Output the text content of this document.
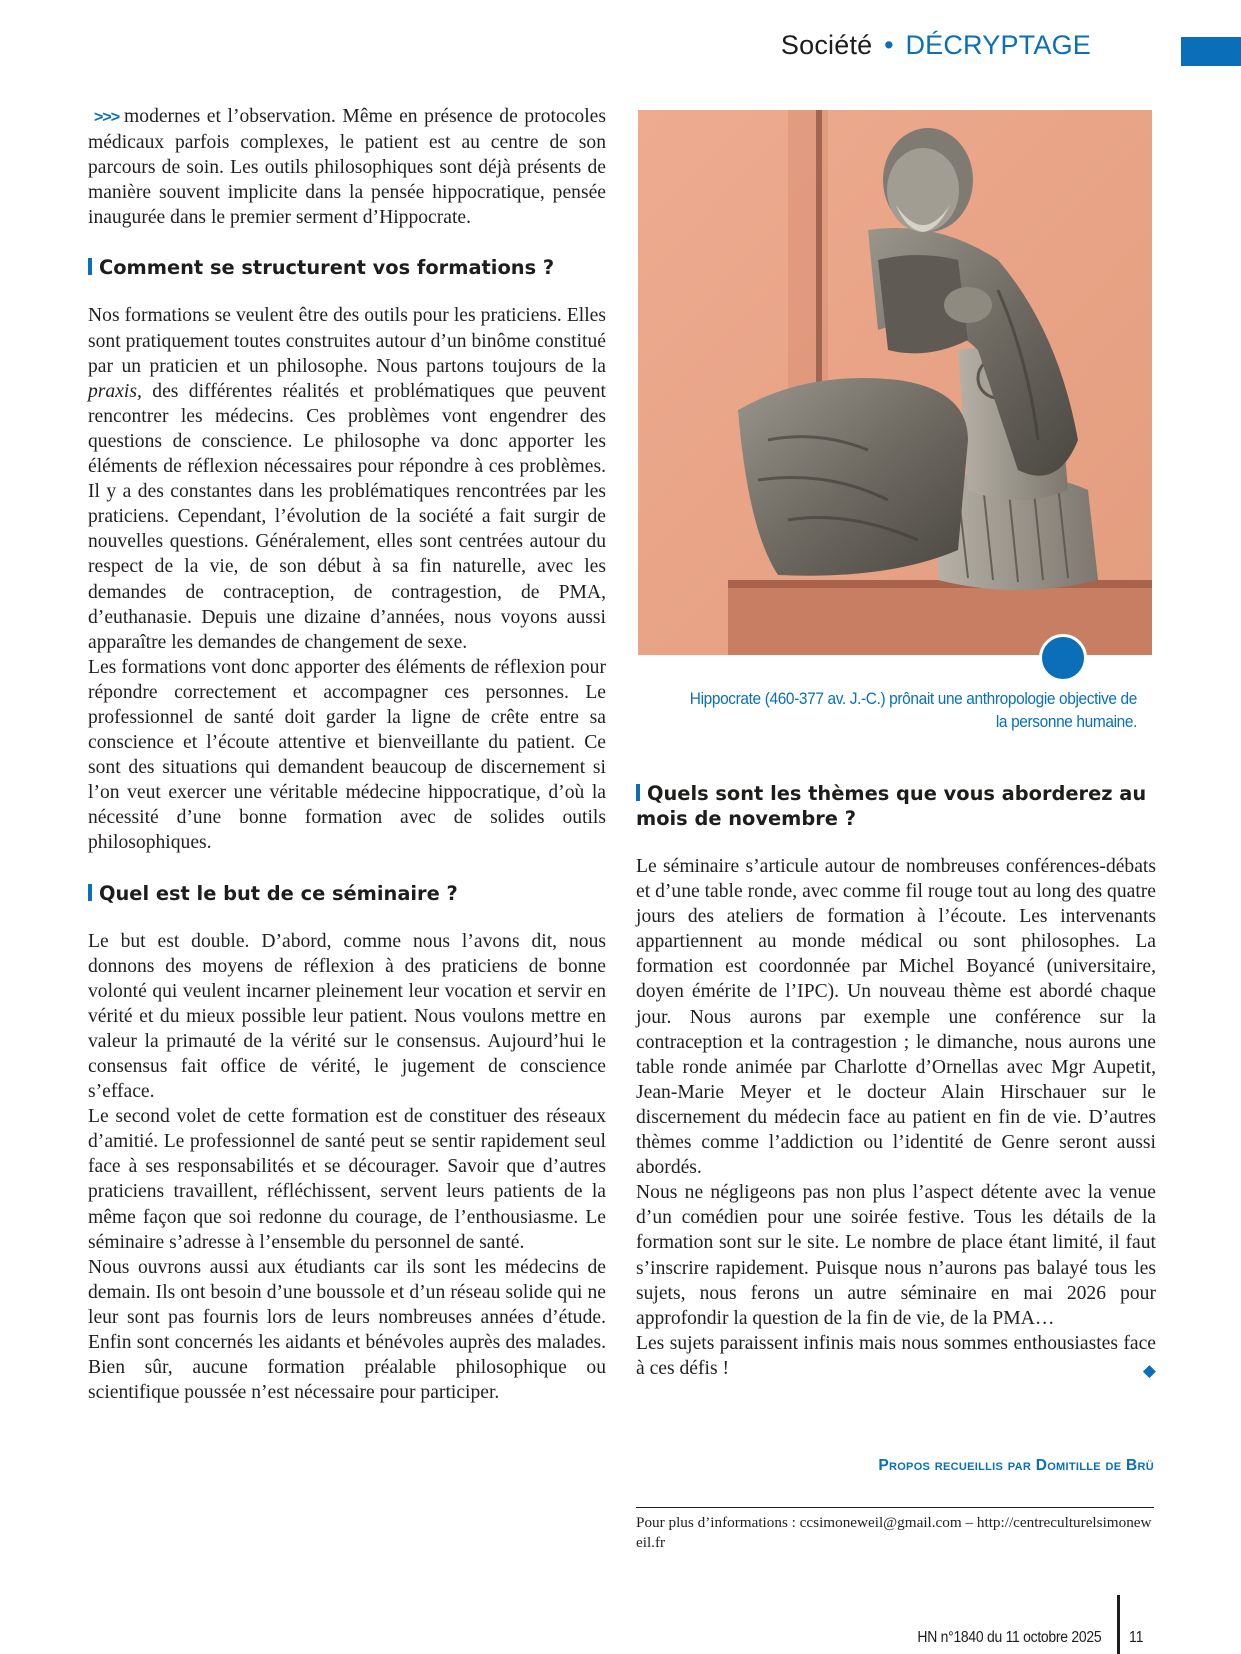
Société • DÉCRYPTAGE

>>> modernes et l’observation. Même en présence de protocoles médicaux parfois complexes, le patient est au centre de son parcours de soin. Les outils philosophiques sont déjà présents de manière souvent implicite dans la pensée hippocratique, pensée inaugurée dans le premier serment d’Hippocrate.

Comment se structurent vos formations ?

Nos formations se veulent être des outils pour les praticiens. Elles sont pratiquement toutes construites autour d’un binôme constitué par un praticien et un philosophe. Nous partons toujours de la praxis, des différentes réalités et problématiques que peuvent rencontrer les médecins. Ces problèmes vont engendrer des questions de conscience. Le philosophe va donc apporter les éléments de réflexion nécessaires pour répondre à ces problèmes. Il y a des constantes dans les problématiques rencontrées par les praticiens. Cependant, l’évolution de la société a fait surgir de nouvelles questions. Généralement, elles sont centrées autour du respect de la vie, de son début à sa fin naturelle, avec les demandes de contraception, de contragestion, de PMA, d’euthanasie. Depuis une dizaine d’années, nous voyons aussi apparaître les demandes de changement de sexe.

Les formations vont donc apporter des éléments de réflexion pour répondre correctement et accompagner ces personnes. Le professionnel de santé doit garder la ligne de crête entre sa conscience et l’écoute attentive et bienveillante du patient. Ce sont des situations qui demandent beaucoup de discernement si l’on veut exercer une véritable médecine hippocratique, d’où la nécessité d’une bonne formation avec de solides outils philosophiques.

Quel est le but de ce séminaire ?

Le but est double. D’abord, comme nous l’avons dit, nous donnons des moyens de réflexion à des praticiens de bonne volonté qui veulent incarner pleinement leur vocation et servir en vérité et du mieux possible leur patient. Nous voulons mettre en valeur la primauté de la vérité sur le consensus. Aujourd’hui le consensus fait office de vérité, le jugement de conscience s’efface.

Le second volet de cette formation est de constituer des réseaux d’amitié. Le professionnel de santé peut se sentir rapidement seul face à ses responsabilités et se décourager. Savoir que d’autres praticiens travaillent, réfléchissent, servent leurs patients de la même façon que soi redonne du courage, de l’enthousiasme. Le séminaire s’adresse à l’ensemble du personnel de santé.

Nous ouvrons aussi aux étudiants car ils sont les médecins de demain. Ils ont besoin d’une boussole et d’un réseau solide qui ne leur sont pas fournis lors de leurs nombreuses années d’étude. Enfin sont concernés les aidants et bénévoles auprès des malades. Bien sûr, aucune formation préalable philosophique ou scientifique poussée n’est nécessaire pour participer.

Hippocrate (460-377 av. J.-C.) prônait une anthropologie objective de la personne humaine.
Quels sont les thèmes que vous aborderez au mois de novembre ?

Le séminaire s’articule autour de nombreuses conférences-débats et d’une table ronde, avec comme fil rouge tout au long des quatre jours des ateliers de formation à l’écoute. Les intervenants appartiennent au monde médical ou sont philosophes. La formation est coordonnée par Michel Boyancé (universitaire, doyen émérite de l’IPC). Un nouveau thème est abordé chaque jour. Nous aurons par exemple une conférence sur la contraception et la contragestion ; le dimanche, nous aurons une table ronde animée par Charlotte d’Ornellas avec Mgr Aupetit, Jean-Marie Meyer et le docteur Alain Hirschauer sur le discernement du médecin face au patient en fin de vie. D’autres thèmes comme l’addiction ou l’identité de Genre seront aussi abordés.

Nous ne négligeons pas non plus l’aspect détente avec la venue d’un comédien pour une soirée festive. Tous les détails de la formation sont sur le site. Le nombre de place étant limité, il faut s’inscrire rapidement. Puisque nous n’aurons pas balayé tous les sujets, nous ferons un autre séminaire en mai 2026 pour approfondir la question de la fin de vie, de la PMA…

Les sujets paraissent infinis mais nous sommes enthousiastes face à ces défis !	◆

Propos recueillis par Domitille de Brü
Pour plus d’informations : ccsimoneweil@gmail.com – http://centreculturelsimoneweil.fr
HN n°1840 du 11 octobre 2025 11
